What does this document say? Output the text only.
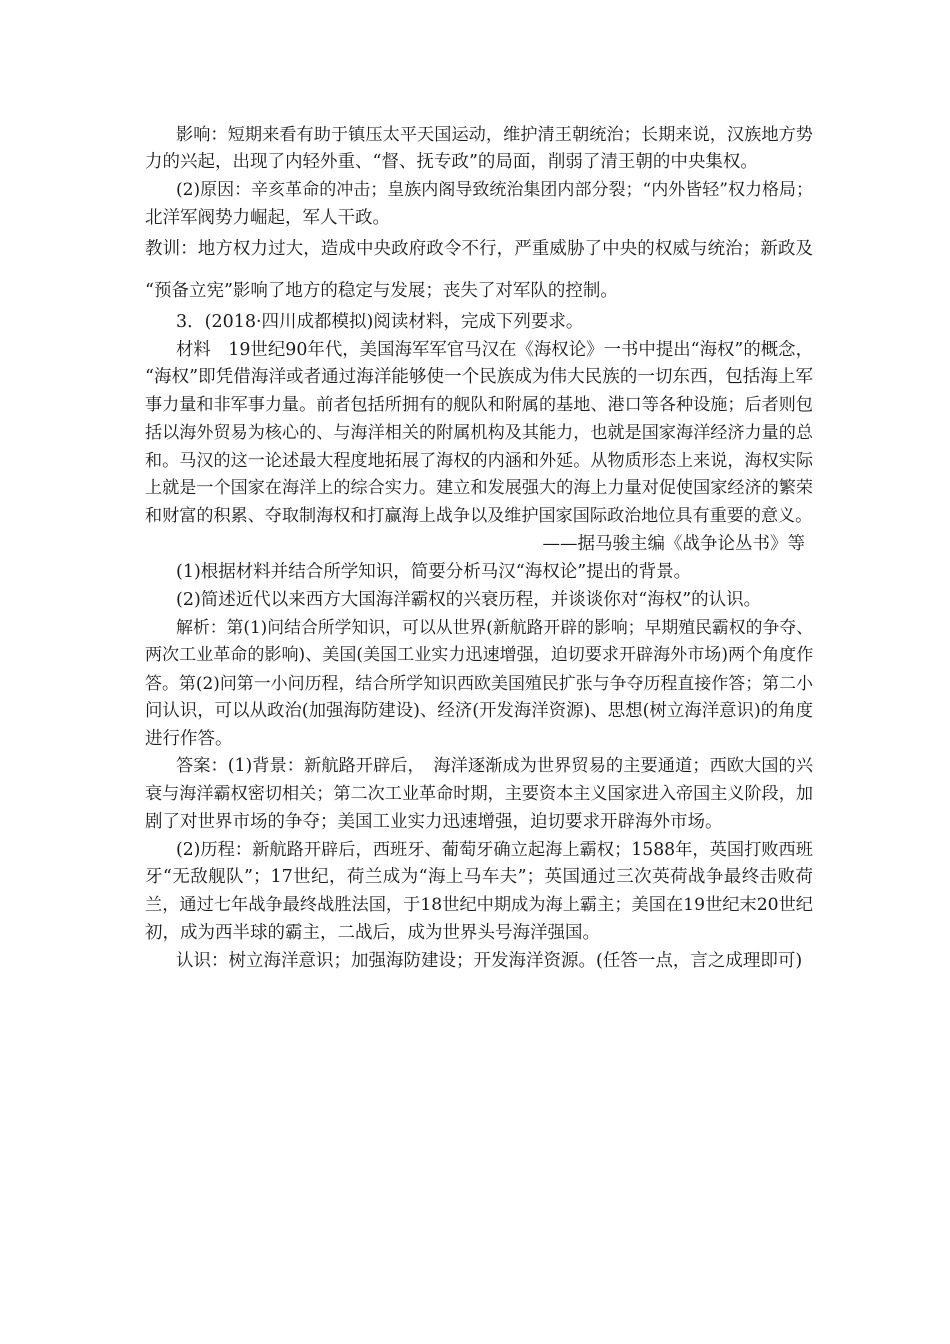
影响：短期来看有助于镇压太平天国运动，维护清王朝统治；长期来说，汉族地方势
力的兴起，出现了内轻外重、“督、抚专政”的局面，削弱了清王朝的中央集权。
(2)原因：辛亥革命的冲击；皇族内阁导致统治集团内部分裂；“内外皆轻”权力格局；
北洋军阀势力崛起，军人干政。
教训：地方权力过大，造成中央政府政令不行，严重威胁了中央的权威与统治；新政及
“预备立宪”影响了地方的稳定与发展；丧失了对军队的控制。
3．(2018·四川成都模拟)阅读材料，完成下列要求。
材料　19世纪90年代，美国海军军官马汉在《海权论》一书中提出“海权”的概念，
“海权”即凭借海洋或者通过海洋能够使一个民族成为伟大民族的一切东西，包括海上军
事力量和非军事力量。前者包括所拥有的舰队和附属的基地、港口等各种设施；后者则包
括以海外贸易为核心的、与海洋相关的附属机构及其能力，也就是国家海洋经济力量的总
和。马汉的这一论述最大程度地拓展了海权的内涵和外延。从物质形态上来说，海权实际
上就是一个国家在海洋上的综合实力。建立和发展强大的海上力量对促使国家经济的繁荣
和财富的积累、夺取制海权和打赢海上战争以及维护国家国际政治地位具有重要的意义。
——据马骏主编《战争论丛书》等
(1)根据材料并结合所学知识，简要分析马汉“海权论”提出的背景。
(2)简述近代以来西方大国海洋霸权的兴衰历程，并谈谈你对“海权”的认识。
解析：第(1)问结合所学知识，可以从世界(新航路开辟的影响；早期殖民霸权的争夺、
两次工业革命的影响)、美国(美国工业实力迅速增强，迫切要求开辟海外市场)两个角度作
答。第(2)问第一小问历程，结合所学知识西欧美国殖民扩张与争夺历程直接作答；第二小
问认识，可以从政治(加强海防建设)、经济(开发海洋资源)、思想(树立海洋意识)的角度
进行作答。
答案：(1)背景：新航路开辟后，　海洋逐渐成为世界贸易的主要通道；西欧大国的兴
衰与海洋霸权密切相关；第二次工业革命时期，主要资本主义国家进入帝国主义阶段，加
剧了对世界市场的争夺；美国工业实力迅速增强，迫切要求开辟海外市场。
(2)历程：新航路开辟后，西班牙、葡萄牙确立起海上霸权；1588年，英国打败西班
牙“无敌舰队”；17世纪，荷兰成为“海上马车夫”；英国通过三次英荷战争最终击败荷
兰，通过七年战争最终战胜法国，于18世纪中期成为海上霸主；美国在19世纪末20世纪
初，成为西半球的霸主，二战后，成为世界头号海洋强国。
认识：树立海洋意识；加强海防建设；开发海洋资源。(任答一点，言之成理即可)
